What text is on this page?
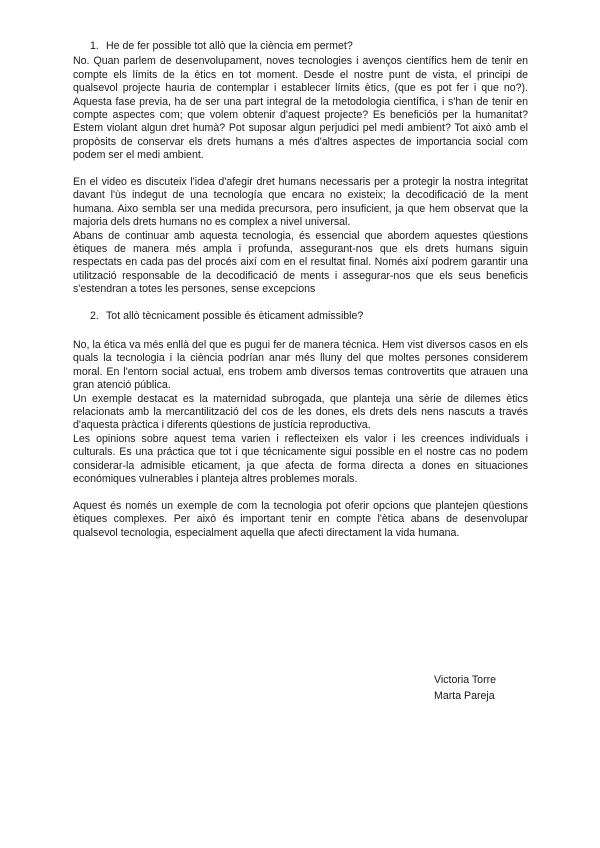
1. He de fer possible tot allò que la ciència em permet?

No. Quan parlem de desenvolupament, noves tecnologies i avenços científics hem de tenir en compte els límits de la ètics en tot moment. Desde el nostre punt de vista, el principi de qualsevol projecte hauria de contemplar i establecer límits ètics, (que es pot fer i que no?). Aquesta fase previa, ha de ser una part integral de la metodologia científica, i s'han de tenir en compte aspectes com; que volem obtenir d'aquest projecte? Es beneficiós per la humanitat? Estem violant algun dret humà? Pot suposar algun perjudici pel medi ambient? Tot això amb el propòsits de conservar els drets humans a més d'altres aspectes de importancia social com podem ser el medi ambient.

En el video es discuteix l'idea d'afegir dret humans necessaris per a protegir la nostra integritat davant l'ùs indegut de una tecnología que encara no existeix; la decodificació de la ment humana. Aixo sembla ser una medida precursora, pero insuficient, ja que hem observat que la majoria dels drets humans no es complex a nivel universal.

Abans de continuar amb aquesta tecnologia, és essencial que abordem aquestes qüestions ètiques de manera més ampla i profunda, assegurant-nos que els drets humans siguin respectats en cada pas del procés així com en el resultat final. Només així podrem garantir una utilització responsable de la decodificació de ments i assegurar-nos que els seus beneficis s'estendran a totes les persones, sense excepcions

2. Tot allò tècnicament possible és èticament admissible?

No, la ética va més enllà del que es pugui fer de manera técnica. Hem vist diversos casos en els quals la tecnologia i la ciència podrían anar més lluny del que moltes persones considerem moral. En l'entorn social actual, ens trobem amb diversos temas controvertits que atrauen una gran atenció pública.

Un exemple destacat es la maternidad subrogada, que planteja una sèrie de dilemes ètics relacionats amb la mercantilització del cos de les dones, els drets dels nens nascuts a través d'aquesta pràctica i diferents qüestions de justícia reproductiva.

Les opinions sobre aquest tema varien i reflecteixen els valor i les creences individuals i culturals. Es una práctica que tot i que técnicamente sigui possible en el nostre cas no podem considerar-la admisible eticament, ja que afecta de forma directa a dones en situaciones económiques vulnerables i planteja altres problemes morals.

Aquest és només un exemple de com la tecnologia pot oferir opcions que plantejen qüestions ètiques complexes. Per això és important tenir en compte l'ètica abans de desenvolupar qualsevol tecnologia, especialment aquella que afecti directament la vida humana.

Victoria Torre
Marta Pareja
